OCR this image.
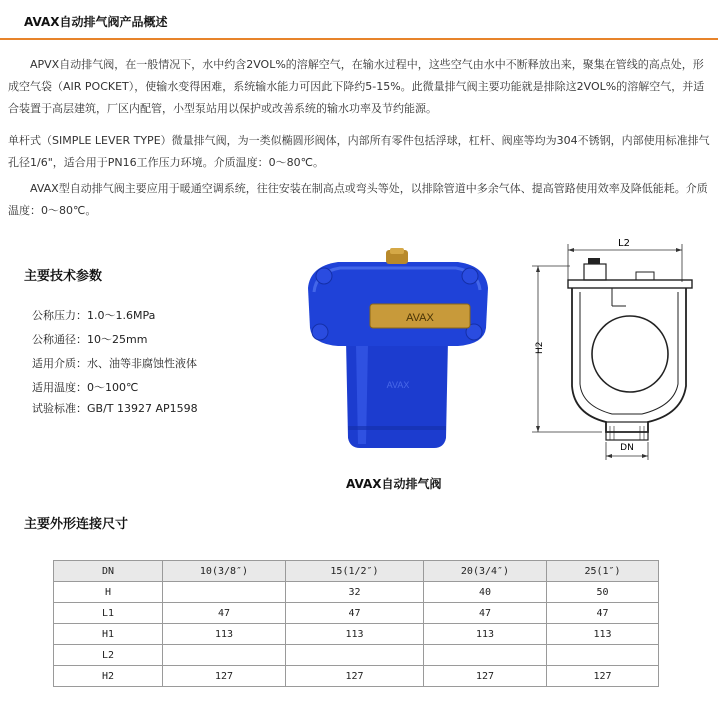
AVAX自动排气阀产品概述
APVX自动排气阀，在一般情况下，水中约含2VOL%的溶解空气，在输水过程中，这些空气由水中不断释放出来，聚集在管线的高点处，形成空气袋（AIR POCKET），使输水变得困难，系统输水能力可因此下降约5-15%。此微量排气阀主要功能就是排除这2VOL%的溶解空气，并适合装置于高层建筑，厂区内配管，小型泵站用以保护或改善系统的输水功率及节约能源。
单杆式（SIMPLE LEVER TYPE）微量排气阀，为一类似椭圆形阀体，内部所有零件包括浮球，杠杆、阀座等均为304不锈钢，内部使用标准排气孔径1/6"，适合用于PN16工作压力环境。介质温度：0～80℃。
AVAX型自动排气阀主要应用于暖通空调系统，往往安装在制高点或弯头等处，以排除管道中多余气体、提高管路使用效率及降低能耗。介质温度：0～80℃。
主要技术参数
公称压力：1.0～1.6MPa
公称通径：10～25mm
适用介质：水、油等非腐蚀性液体
适用温度：0～100℃
试验标准：GB/T 13927 AP1598
AVAX
AVAX
AVAX自动排气阀
L2
H2
DN
主要外形连接尺寸
DN	10(3/8″)	15(1/2″)	20(3/4″)	25(1″)
H		32	40	50
L1	47	47	47	47
H1	113	113	113	113
L2				
H2	127	127	127	127
